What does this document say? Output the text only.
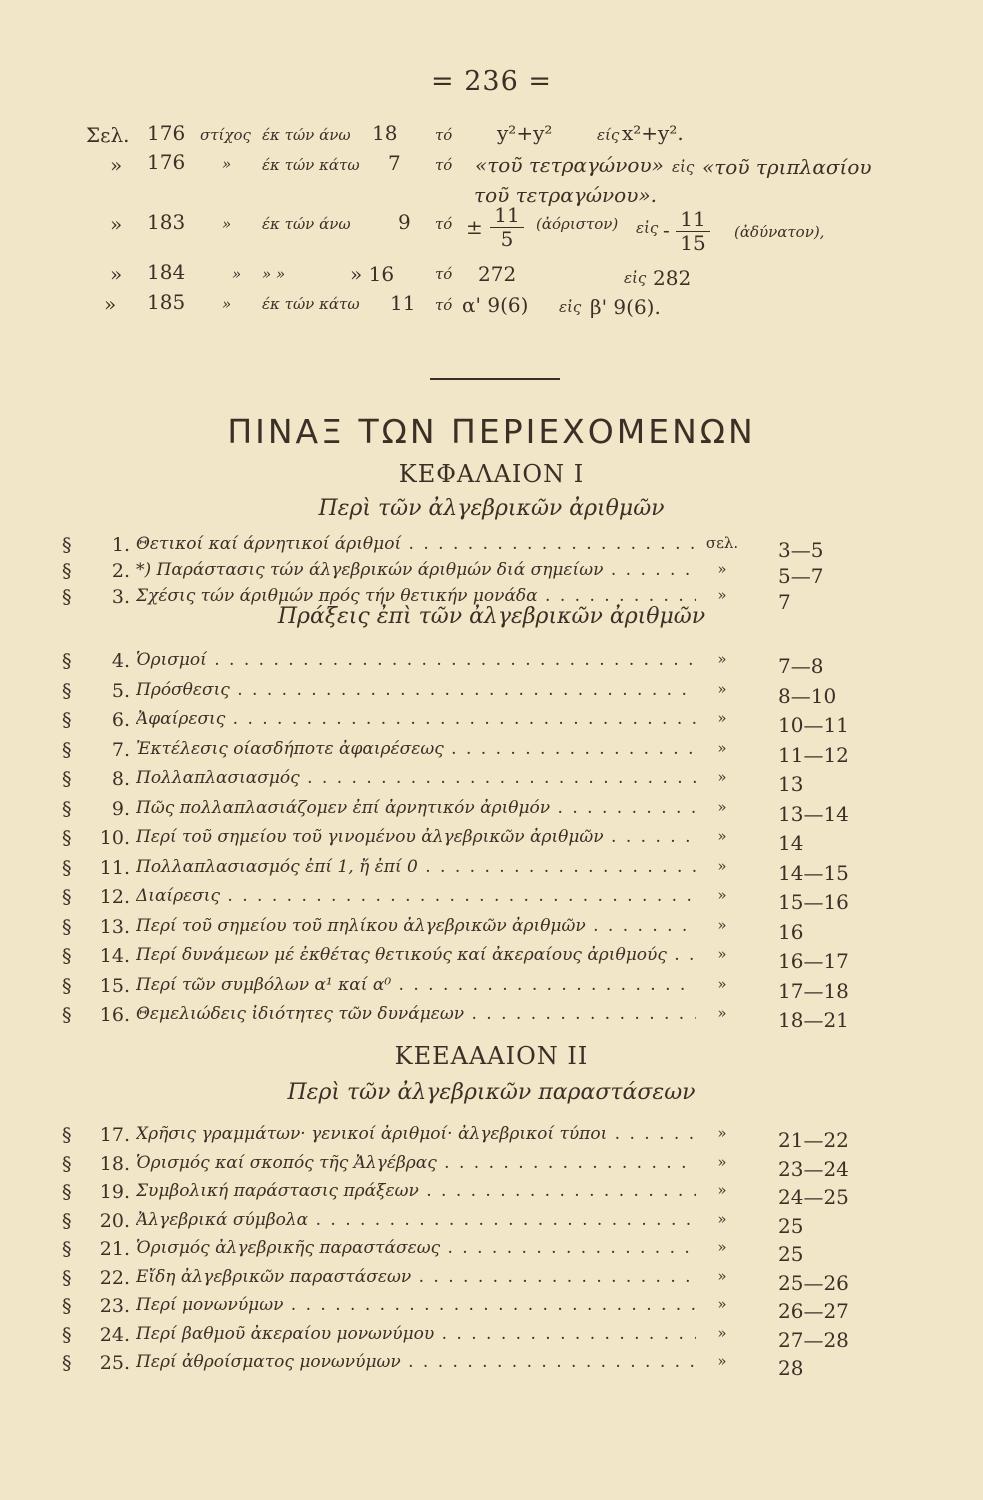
= 236 =
Σελ. 176 στίχος έκ τών άνω 18	τό y²+y²	είς x²+y².
» 176 » έκ τών κάτω 7 τό «τοῦ τετραγώνου» εἰς «τοῦ τριπλασίου
τοῦ τετραγώνου».
» 183 » έκ τών άνω 9 $\tau ό \pm \frac{11}{5}$ (ἀόριστον) εἰς - $\frac{11}{15}$ (ἀδύνατον),
» 184	» » »	» 16	τό 272	εἰς 282
» 185 » έκ τών κάτω 11 τό α' 9(6) εἰς β' 9(6).
ΠΙΝΑΞ ΤΩΝ ΠΕΡΙΕΧΟΜΕΝΩΝ
ΚΕΦΑΛΑΙΟΝ Ι
Περὶ τῶν ἀλγεβρικῶν ἀριθμῶν
§	1. Θετικοί καί άρνητικοί άριθμοί . . .	σελ. 3—5
§	2. *) Παράστασις τών άλγεβρικών άριθμών διά σημείων . . .	»	5—7
§	3. Σχέσις τών άριθμών πρός τήν θετικήν μονάδα . . .	»	7
Πράξεις ἐπὶ τῶν ἀλγεβρικῶν ἀριθμῶν
§	4. Ὁρισμοί . . .	»	7—8
§	5. Πρόσθεσις . . .	»	8—10
§	6. Ἀφαίρεσις . . .	»	10—11
§	7. Ἐκτέλεσις οίασδήποτε ἀφαιρέσεως . . .	»	11—12
§	8. Πολλαπλασιασμός . . .	»	13
§	9. Πῶς πολλαπλασιάζομεν ἐπί ἀρνητικόν ἀριθμόν . . .	»	13—14
§	10. Περί τοῦ σημείου τοῦ γινομένου ἀλγεβρικῶν ἀριθμῶν . . .	»	14
§	11. Πολλαπλασιασμός ἐπί 1, ἤ ἐπί 0 . . .	»	14—15
§	12. Διαίρεσις . . .	»	15—16
§	13. Περί τοῦ σημείου τοῦ πηλίκου ἀλγεβρικῶν ἀριθμῶν . . .	»	16
§	14. Περί δυνάμεων μέ ἐκθέτας θετικούς καί ἀκεραίους ἀριθμούς . . .	»	16—17
§	15. Περί τῶν συμβόλων α¹ καί α⁰ . . .	»	17—18
§	16. Θεμελιώδεις ἰδιότητες τῶν δυνάμεων . . .	»	18—21
ΚΕΕΑΑΑΙΟΝ ΙΙ
Περὶ τῶν ἀλγεβρικῶν παραστάσεων
§	17. Χρῆσις γραμμάτων· γενικοί ἀριθμοί· ἀλγεβρικοί τύποι . . .	»	21—22
§	18. Ὁρισμός καί σκοπός τῆς Ἀλγέβρας . . .	»	23—24
§	19. Συμβολική παράστασις πράξεων . . .	»	24—25
§	20. Ἀλγεβρικά σύμβολα . . .	»	25
§	21. Ὁρισμός ἀλγεβρικῆς παραστάσεως . . .	»	25
§	22. Εἴδη ἀλγεβρικῶν παραστάσεων . . .	»	25—26
§	23. Περί μονωνύμων . . .	»	26—27
§	24. Περί βαθμοῦ ἀκεραίου μονωνύμου . . .	»	27—28
§	25. Περί ἀθροίσματος μονωνύμων . . .	»	28
